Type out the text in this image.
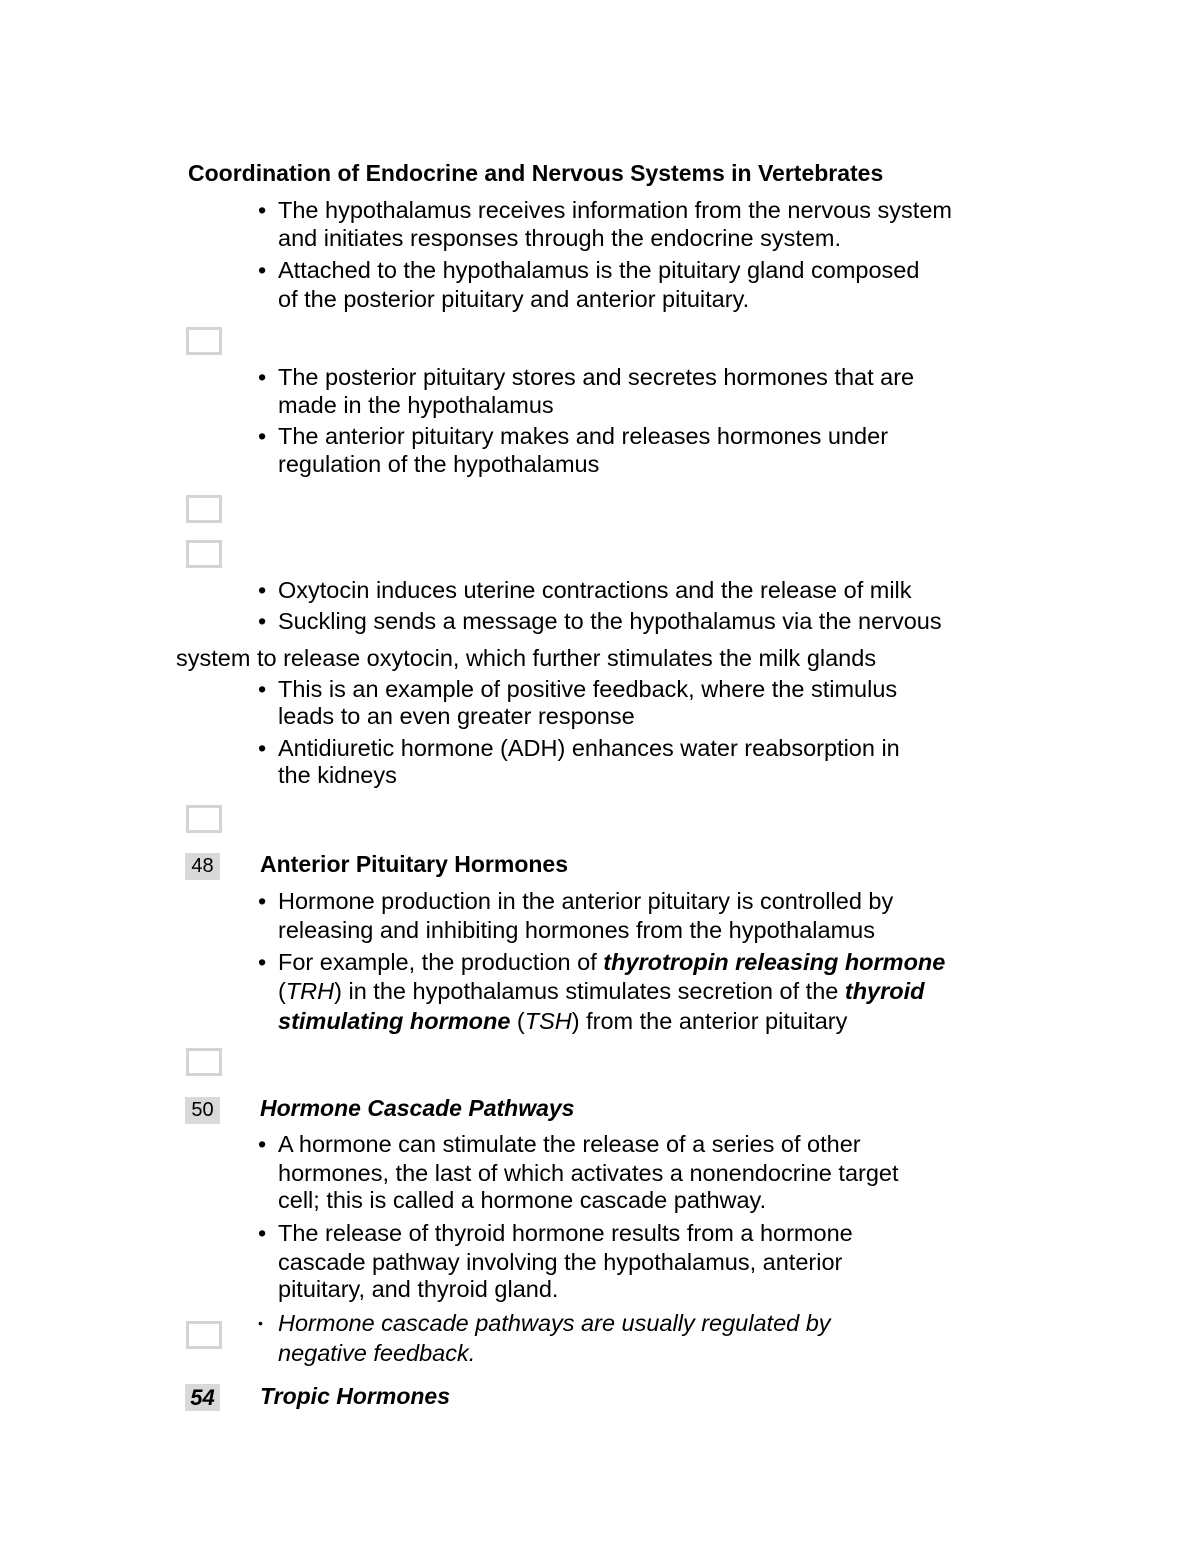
Coordination of Endocrine and Nervous Systems in Vertebrates
• The hypothalamus receives information from the nervous system
and initiates responses through the endocrine system.
• Attached to the hypothalamus is the pituitary gland composed
of the posterior pituitary and anterior pituitary.
• The posterior pituitary stores and secretes hormones that are
made in the hypothalamus
• The anterior pituitary makes and releases hormones under
regulation of the hypothalamus
• Oxytocin induces uterine contractions and the release of milk
• Suckling sends a message to the hypothalamus via the nervous
system to release oxytocin, which further stimulates the milk glands
• This is an example of positive feedback, where the stimulus
leads to an even greater response
• Antidiuretic hormone (ADH) enhances water reabsorption in
the kidneys
48 Anterior Pituitary Hormones
• Hormone production in the anterior pituitary is controlled by
releasing and inhibiting hormones from the hypothalamus
• For example, the production of thyrotropin releasing hormone
(TRH) in the hypothalamus stimulates secretion of the thyroid
stimulating hormone (TSH) from the anterior pituitary
50 Hormone Cascade Pathways
• A hormone can stimulate the release of a series of other
hormones, the last of which activates a nonendocrine target
cell; this is called a hormone cascade pathway.
• The release of thyroid hormone results from a hormone
cascade pathway involving the hypothalamus, anterior
pituitary, and thyroid gland.
• Hormone cascade pathways are usually regulated by
negative feedback.
54 Tropic Hormones
